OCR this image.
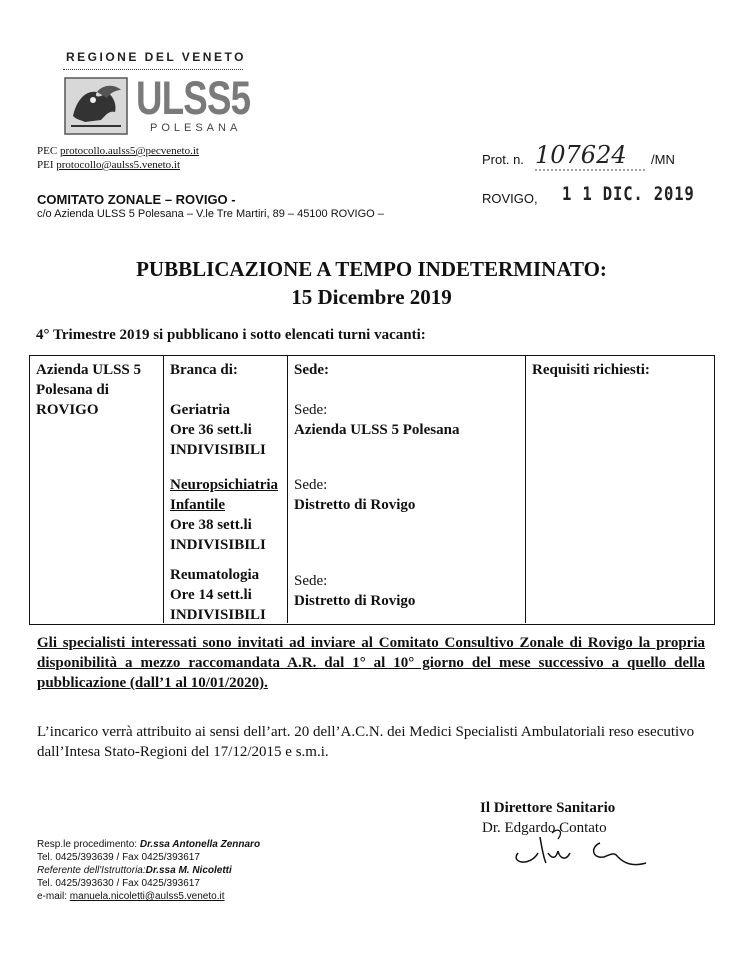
REGIONE DEL VENETO
ULSS5
POLESANA
PEC protocollo.aulss5@pecveneto.it
PEI protocollo@aulss5.veneto.it
COMITATO ZONALE – ROVIGO -
c/o Azienda ULSS 5 Polesana – V.le Tre Martiri, 89 – 45100 ROVIGO –
Prot. n. 107624 /MN
ROVIGO, 1 1 DIC. 2019
PUBBLICAZIONE A TEMPO INDETERMINATO:
15 Dicembre 2019
4° Trimestre 2019 si pubblicano i sotto elencati turni vacanti:
Azienda ULSS 5
Polesana di
ROVIGO
Branca di:	Sede:	Requisiti richiesti:
Geriatria
Ore 36 sett.li
INDIVISIBILI
Sede:
Azienda ULSS 5 Polesana
Neuropsichiatria
Infantile
Ore 38 sett.li
INDIVISIBILI
Sede:
Distretto di Rovigo
Reumatologia
Ore 14 sett.li
INDIVISIBILI
Sede:
Distretto di Rovigo
Gli specialisti interessati sono invitati ad inviare al Comitato Consultivo Zonale di Rovigo la propria disponibilità a mezzo raccomandata A.R. dal 1° al 10° giorno del mese successivo a quello della pubblicazione (dall’1 al 10/01/2020).
L’incarico verrà attribuito ai sensi dell’art. 20 dell’A.C.N. dei Medici Specialisti Ambulatoriali reso esecutivo dall’Intesa Stato-Regioni del 17/12/2015 e s.m.i.
Il Direttore Sanitario
Dr. Edgardo Contato
Resp.le procedimento: Dr.ssa Antonella Zennaro
Tel. 0425/393639 / Fax 0425/393617
Referente dell'Istruttoria:Dr.ssa M. Nicoletti
Tel. 0425/393630 / Fax 0425/393617
e-mail: manuela.nicoletti@aulss5.veneto.it
